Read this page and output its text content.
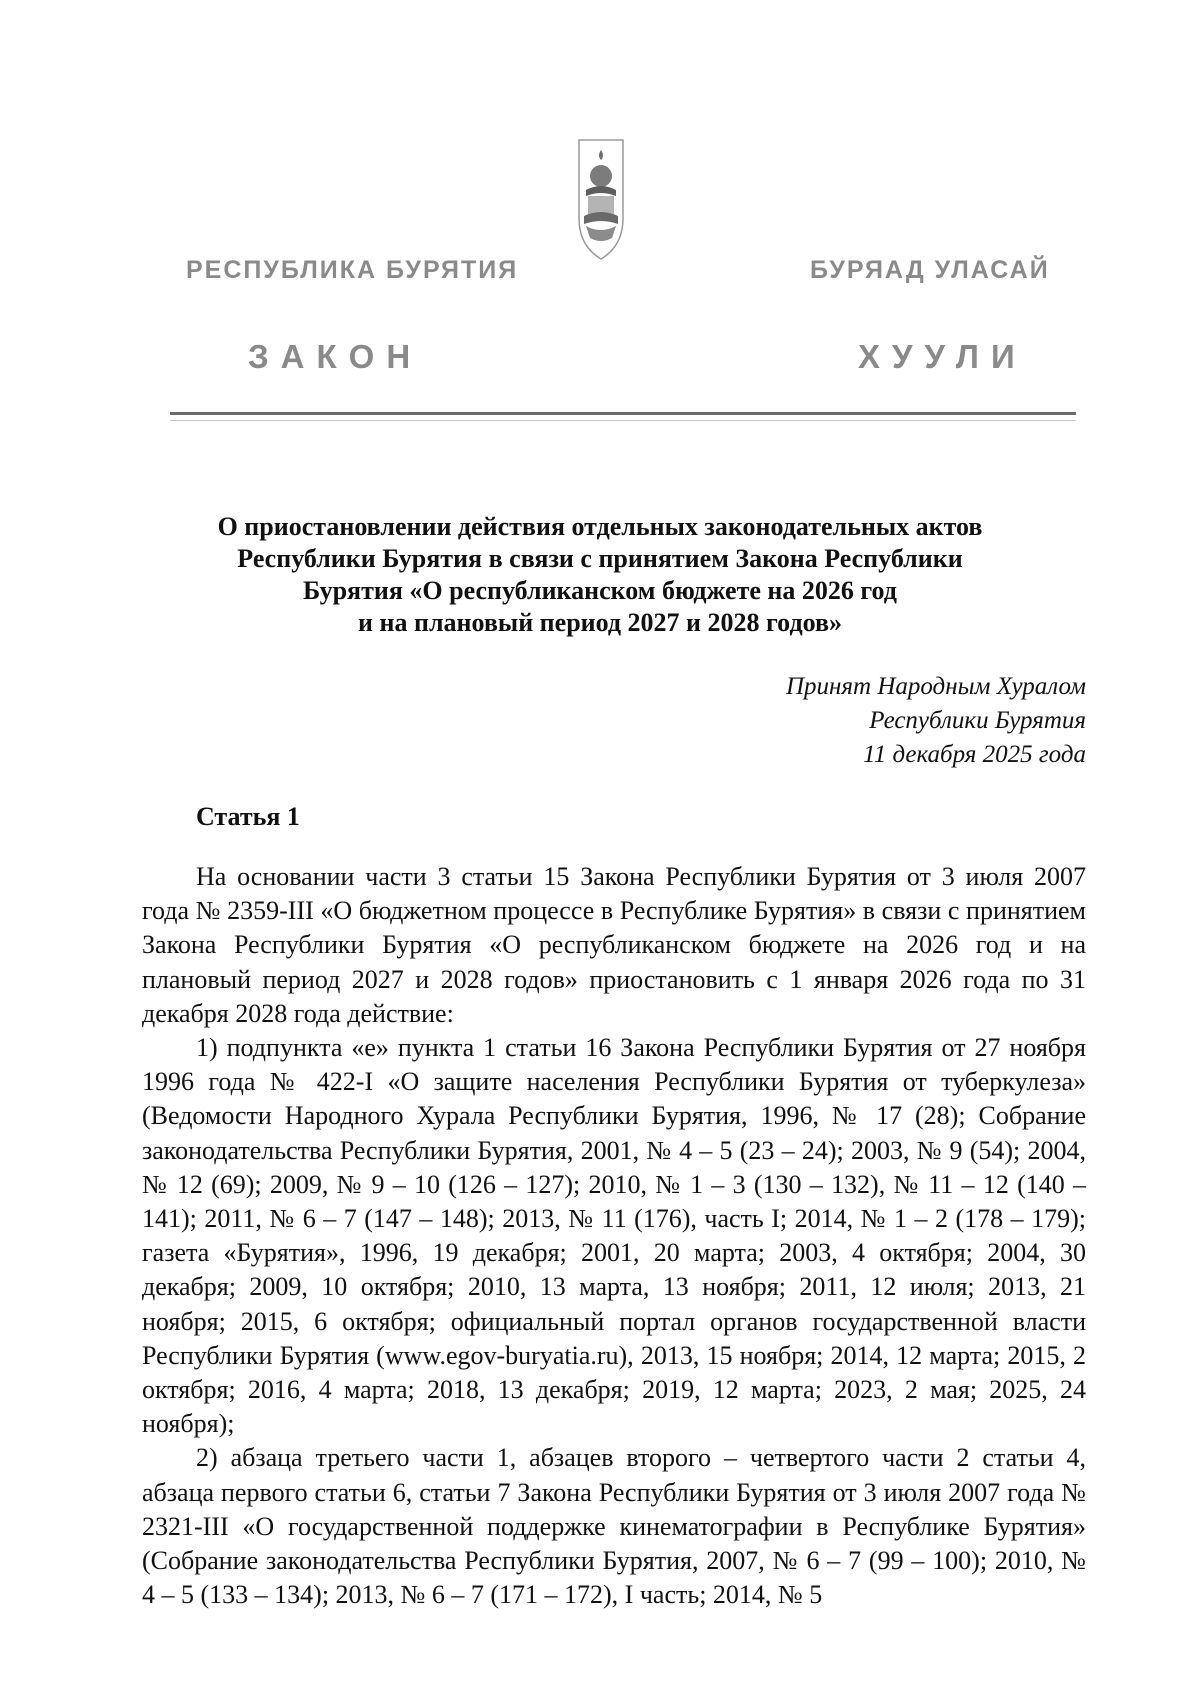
РЕСПУБЛИКА БУРЯТИЯ	БУРЯАД УЛАСАЙ
ЗАКОН	ХУУЛИ
О приостановлении действия отдельных законодательных актов
Республики Бурятия в связи с принятием Закона Республики
Бурятия «О республиканском бюджете на 2026 год
и на плановый период 2027 и 2028 годов»
Принят Народным Хуралом
Республики Бурятия
11 декабря 2025 года
Статья 1

На основании части 3 статьи 15 Закона Республики Бурятия от 3 июля 2007 года № 2359-III «О бюджетном процессе в Республике Бурятия» в связи с принятием Закона Республики Бурятия «О республиканском бюджете на 2026 год и на плановый период 2027 и 2028 годов» приостановить с 1 января 2026 года по 31 декабря 2028 года действие:

1) подпункта «е» пункта 1 статьи 16 Закона Республики Бурятия от 27 ноября 1996 года № 422-I «О защите населения Республики Бурятия от туберкулеза» (Ведомости Народного Хурала Республики Бурятия, 1996, № 17 (28); Собрание законодательства Республики Бурятия, 2001, № 4 – 5 (23 – 24); 2003, № 9 (54); 2004, № 12 (69); 2009, № 9 – 10 (126 – 127); 2010, № 1 – 3 (130 – 132), № 11 – 12 (140 – 141); 2011, № 6 – 7 (147 – 148); 2013, № 11 (176), часть I; 2014, № 1 – 2 (178 – 179); газета «Бурятия», 1996, 19 декабря; 2001, 20 марта; 2003, 4 октября; 2004, 30 декабря; 2009, 10 октября; 2010, 13 марта, 13 ноября; 2011, 12 июля; 2013, 21 ноября; 2015, 6 октября; официальный портал органов государственной власти Республики Бурятия (www.egov-buryatia.ru), 2013, 15 ноября; 2014, 12 марта; 2015, 2 октября; 2016, 4 марта; 2018, 13 декабря; 2019, 12 марта; 2023, 2 мая; 2025, 24 ноября);

2) абзаца третьего части 1, абзацев второго – четвертого части 2 статьи 4, абзаца первого статьи 6, статьи 7 Закона Республики Бурятия от 3 июля 2007 года № 2321-III «О государственной поддержке кинематографии в Республике Бурятия» (Собрание законодательства Республики Бурятия, 2007, № 6 – 7 (99 – 100); 2010, № 4 – 5 (133 – 134); 2013, № 6 – 7 (171 – 172), I часть; 2014, № 5
